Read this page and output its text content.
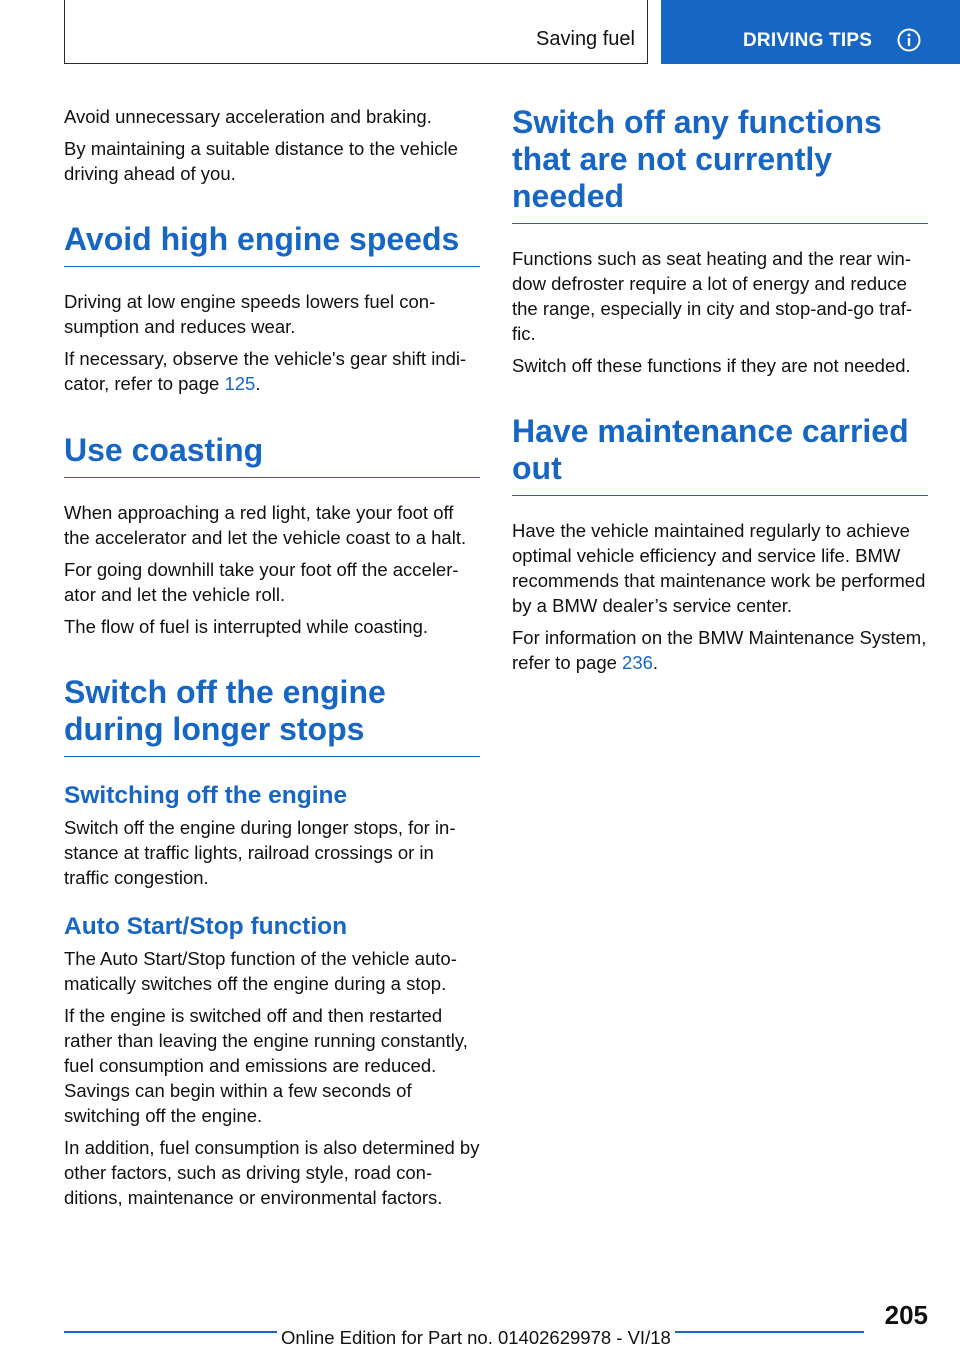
Saving fuel	DRIVING TIPS

Avoid unnecessary acceleration and braking.

By maintaining a suitable distance to the vehicle driving ahead of you.

Avoid high engine speeds

Driving at low engine speeds lowers fuel consumption and reduces wear.

If necessary, observe the vehicle's gear shift indicator, refer to page 125.

Use coasting

When approaching a red light, take your foot off the accelerator and let the vehicle coast to a halt.

For going downhill take your foot off the accelerator and let the vehicle roll.

The flow of fuel is interrupted while coasting.

Switch off the engine during longer stops
Switching off the engine

Switch off the engine during longer stops, for instance at traffic lights, railroad crossings or in traffic congestion.

Auto Start/Stop function

The Auto Start/Stop function of the vehicle automatically switches off the engine during a stop.

If the engine is switched off and then restarted rather than leaving the engine running constantly, fuel consumption and emissions are reduced. Savings can begin within a few seconds of switching off the engine.

In addition, fuel consumption is also determined by other factors, such as driving style, road conditions, maintenance or environmental factors.

Switch off any functions that are not currently needed

Functions such as seat heating and the rear window defroster require a lot of energy and reduce the range, especially in city and stop-and-go traffic.

Switch off these functions if they are not needed.

Have maintenance carried out

Have the vehicle maintained regularly to achieve optimal vehicle efficiency and service life. BMW recommends that maintenance work be performed by a BMW dealer’s service center.

For information on the BMW Maintenance System, refer to page 236.

205
Online Edition for Part no. 01402629978 - VI/18
